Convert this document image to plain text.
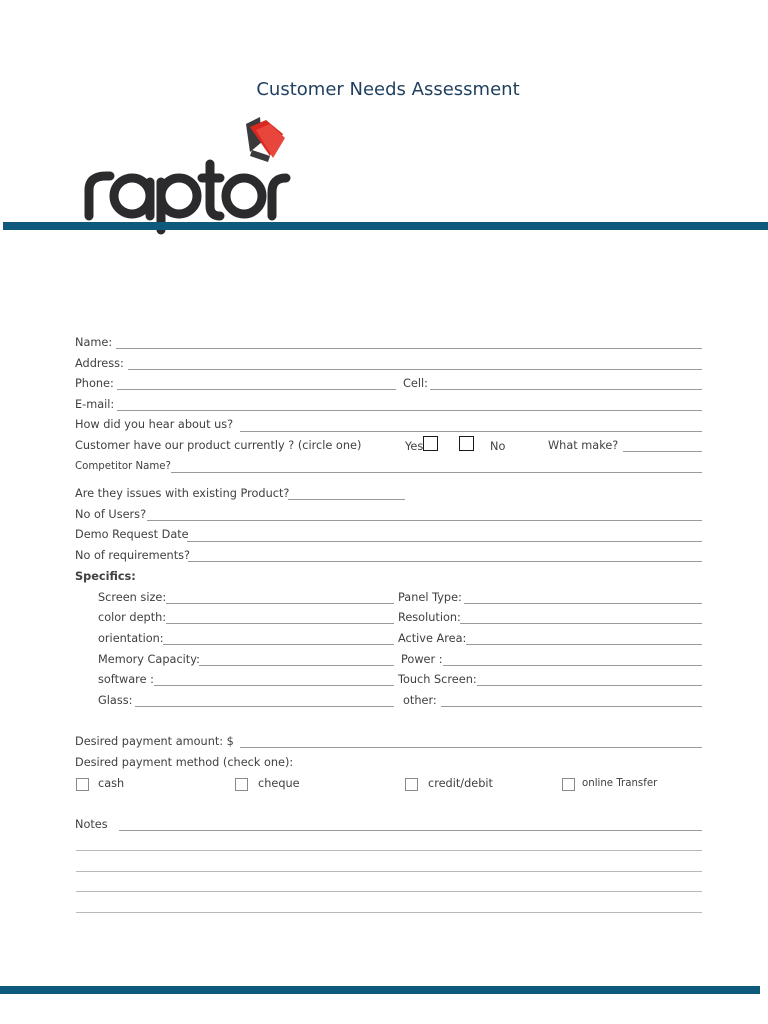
Customer Needs Assessment
Name:
Address:
Phone:	Cell:
E-mail:
How did you hear about us?
Customer have our product currently ? (circle one)	Yes	No	What make?
Competitor Name?
Are they issues with existing Product?
No of Users?
Demo Request Date
No of requirements?
Specifics:
Screen size:	Panel Type:
color depth:	Resolution:
orientation:	Active Area:
Memory Capacity:	Power :
software :	Touch Screen:
Glass:	other:
Desired payment amount: $
Desired payment method (check one):
cash	cheque	credit/debit	online Transfer
Notes
